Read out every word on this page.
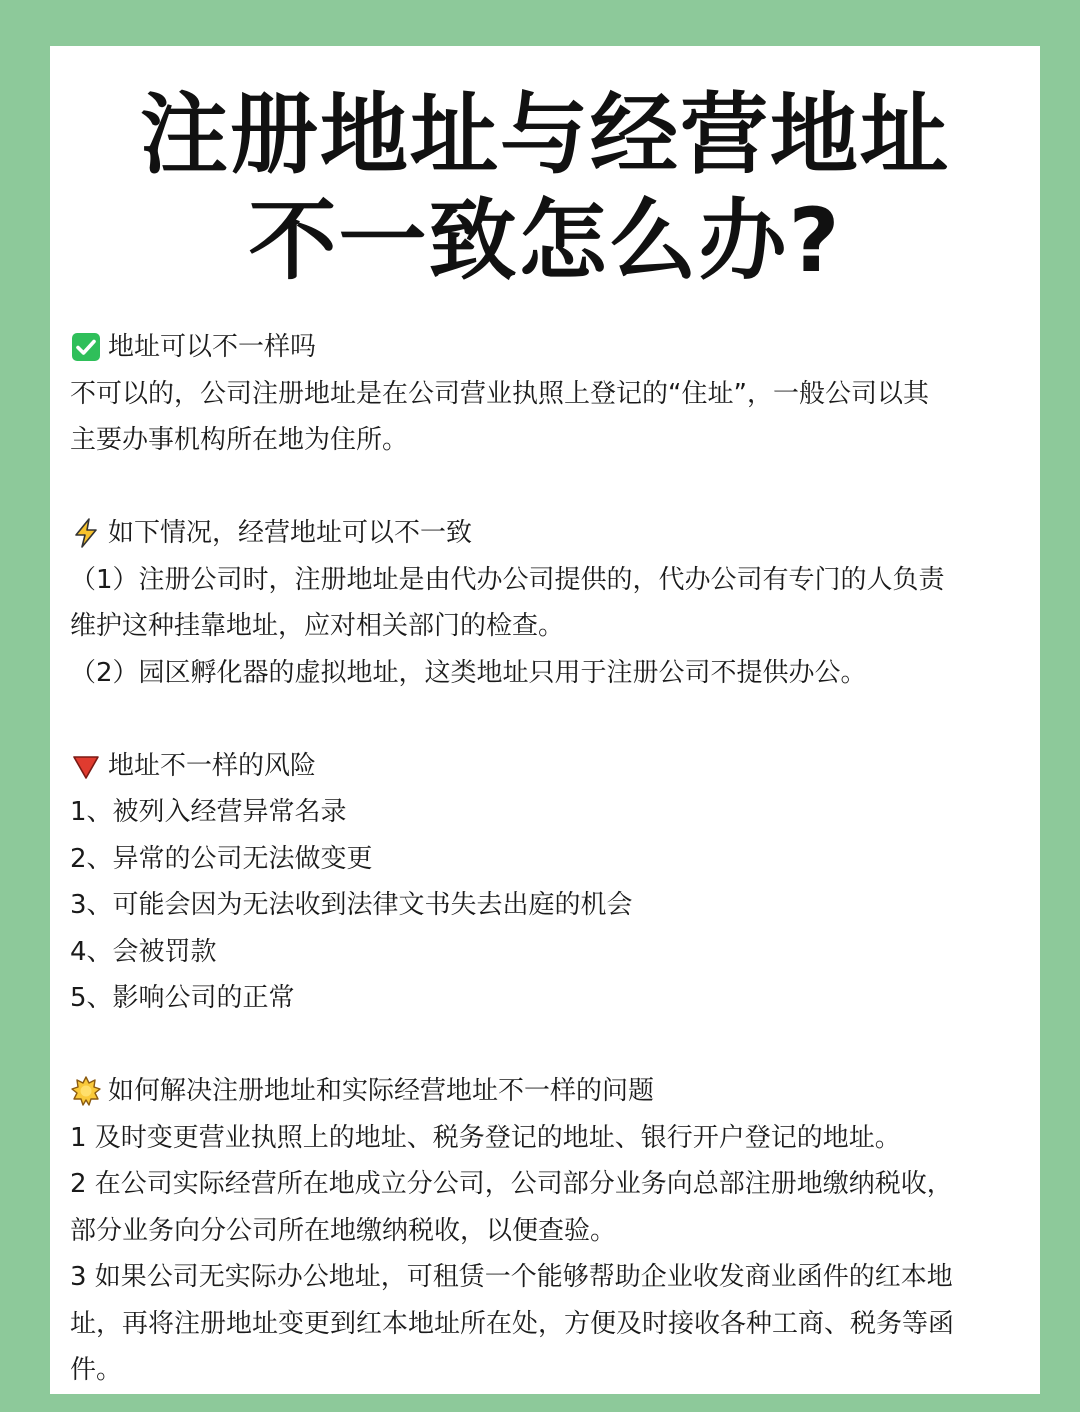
注册地址与经营地址
不一致怎么办?
地址可以不一样吗
不可以的，公司注册地址是在公司营业执照上登记的“住址”，一般公司以其
主要办事机构所在地为住所。
如下情况，经营地址可以不一致
（1）注册公司时，注册地址是由代办公司提供的，代办公司有专门的人负责
维护这种挂靠地址，应对相关部门的检查。
（2）园区孵化器的虚拟地址，这类地址只用于注册公司不提供办公。
地址不一样的风险
1、被列入经营异常名录
2、异常的公司无法做变更
3、可能会因为无法收到法律文书失去出庭的机会
4、会被罚款
5、影响公司的正常
如何解决注册地址和实际经营地址不一样的问题
1 及时变更营业执照上的地址、税务登记的地址、银行开户登记的地址。
2 在公司实际经营所在地成立分公司，公司部分业务向总部注册地缴纳税收，
部分业务向分公司所在地缴纳税收，以便查验。
3 如果公司无实际办公地址，可租赁一个能够帮助企业收发商业函件的红本地
址，再将注册地址变更到红本地址所在处，方便及时接收各种工商、税务等函
件。
